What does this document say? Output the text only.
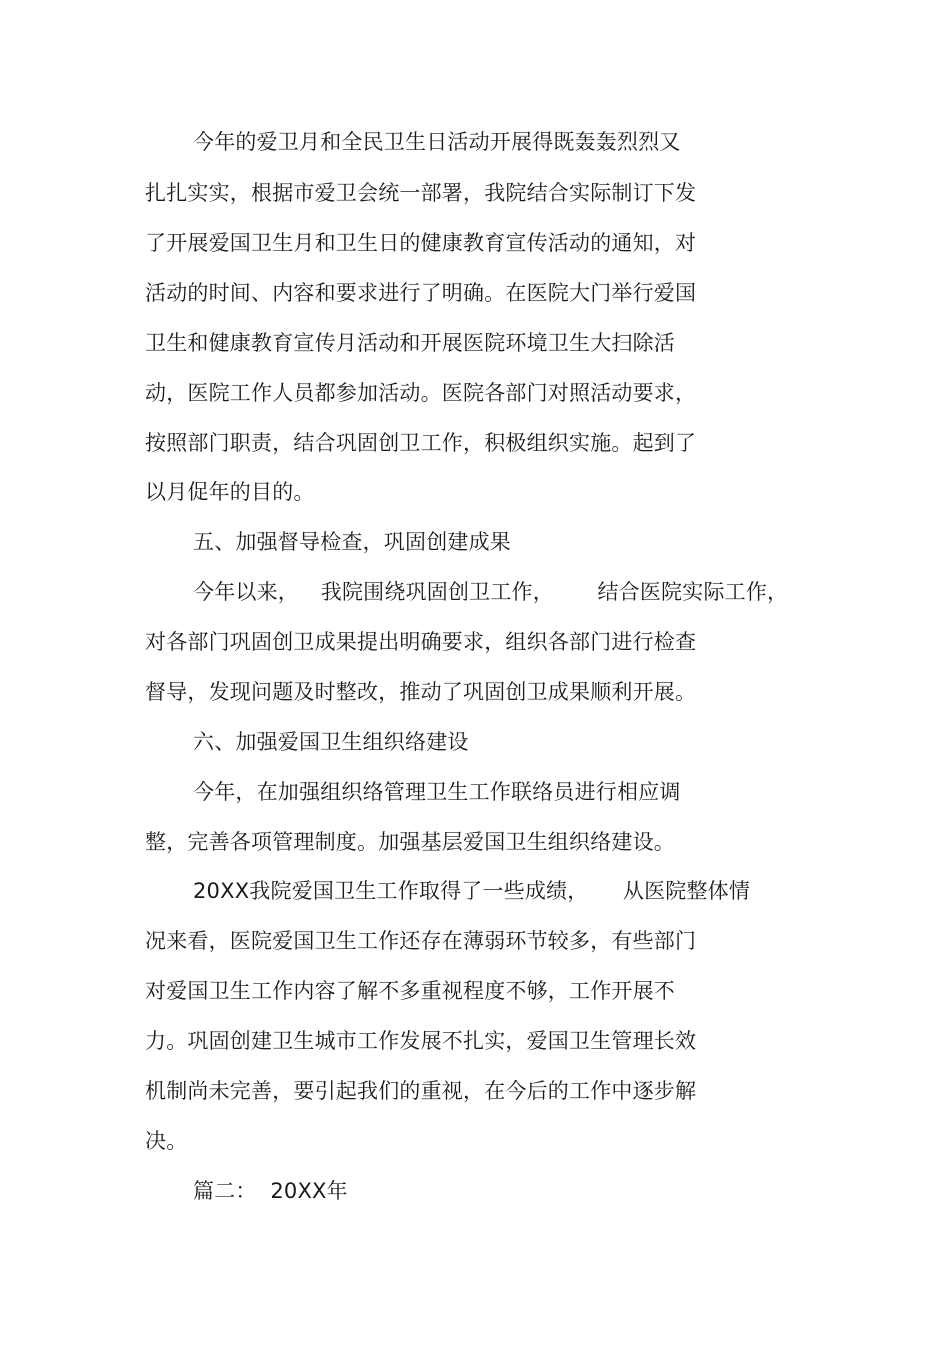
今年的爱卫月和全民卫生日活动开展得既轰轰烈烈又
扎扎实实，根据市爱卫会统一部署，我院结合实际制订下发
了开展爱国卫生月和卫生日的健康教育宣传活动的通知，对
活动的时间、内容和要求进行了明确。在医院大门举行爱国
卫生和健康教育宣传月活动和开展医院环境卫生大扫除活
动，医院工作人员都参加活动。医院各部门对照活动要求，
按照部门职责，结合巩固创卫工作，积极组织实施。起到了
以月促年的目的。
五、加强督导检查，巩固创建成果
今年以来，  我院围绕巩固创卫工作，    结合医院实际工作，
对各部门巩固创卫成果提出明确要求，组织各部门进行检查
督导，发现问题及时整改，推动了巩固创卫成果顺利开展。
六、加强爱国卫生组织络建设
今年，在加强组织络管理卫生工作联络员进行相应调
整，完善各项管理制度。加强基层爱国卫生组织络建设。
20XX我院爱国卫生工作取得了一些成绩，     从医院整体情
况来看，医院爱国卫生工作还存在薄弱环节较多，有些部门
对爱国卫生工作内容了解不多重视程度不够，工作开展不
力。巩固创建卫生城市工作发展不扎实，爱国卫生管理长效
机制尚未完善，要引起我们的重视，在今后的工作中逐步解
决。
篇二：  20XX年
